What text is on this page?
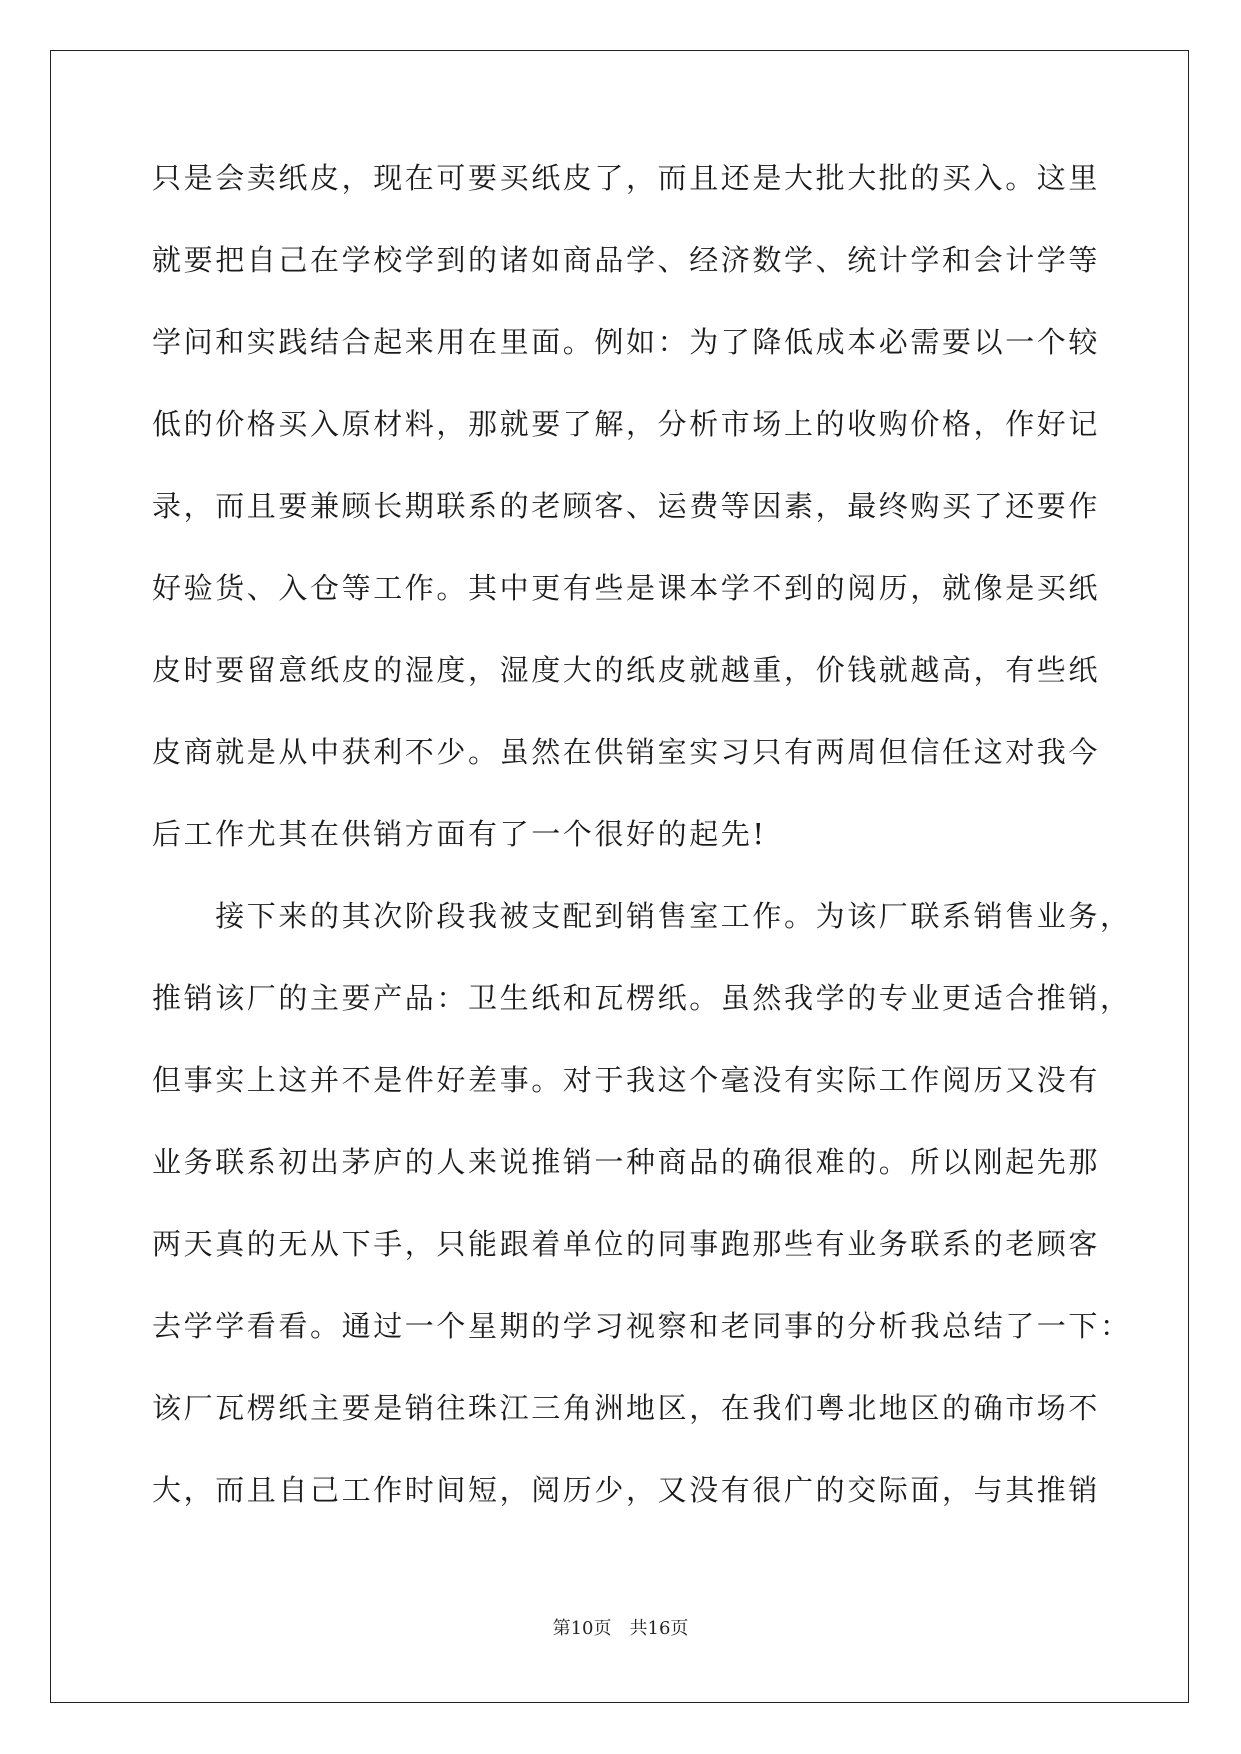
只是会卖纸皮，现在可要买纸皮了，而且还是大批大批的买入。这里
就要把自己在学校学到的诸如商品学、经济数学、统计学和会计学等
学问和实践结合起来用在里面。例如：为了降低成本必需要以一个较
低的价格买入原材料，那就要了解，分析市场上的收购价格，作好记
录，而且要兼顾长期联系的老顾客、运费等因素，最终购买了还要作
好验货、入仓等工作。其中更有些是课本学不到的阅历，就像是买纸
皮时要留意纸皮的湿度，湿度大的纸皮就越重，价钱就越高，有些纸
皮商就是从中获利不少。虽然在供销室实习只有两周但信任这对我今
后工作尤其在供销方面有了一个很好的起先!
　　接下来的其次阶段我被支配到销售室工作。为该厂联系销售业务，
推销该厂的主要产品：卫生纸和瓦楞纸。虽然我学的专业更适合推销，
但事实上这并不是件好差事。对于我这个毫没有实际工作阅历又没有
业务联系初出茅庐的人来说推销一种商品的确很难的。所以刚起先那
两天真的无从下手，只能跟着单位的同事跑那些有业务联系的老顾客
去学学看看。通过一个星期的学习视察和老同事的分析我总结了一下：
该厂瓦楞纸主要是销往珠江三角洲地区，在我们粤北地区的确市场不
大，而且自己工作时间短，阅历少，又没有很广的交际面，与其推销
第10页 共16页
